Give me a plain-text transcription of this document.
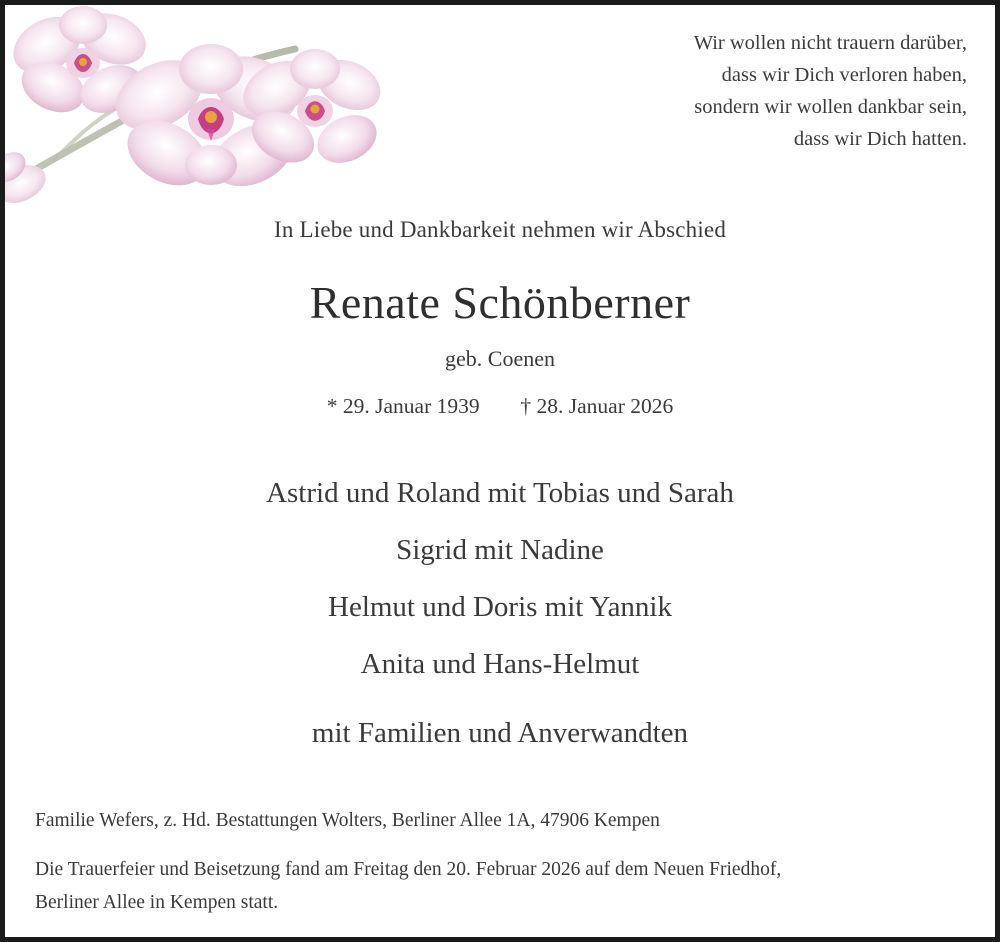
Wir wollen nicht trauern darüber,
dass wir Dich verloren haben,
sondern wir wollen dankbar sein,
dass wir Dich hatten.
In Liebe und Dankbarkeit nehmen wir Abschied
Renate Schönberner
geb. Coenen
* 29. Januar 1939 † 28. Januar 2026
Astrid und Roland mit Tobias und Sarah
Sigrid mit Nadine
Helmut und Doris mit Yannik
Anita und Hans-Helmut
mit Familien und Anverwandten
Familie Wefers, z. Hd. Bestattungen Wolters, Berliner Allee 1A, 47906 Kempen
Die Trauerfeier und Beisetzung fand am Freitag den 20. Februar 2026 auf dem Neuen Friedhof,
Berliner Allee in Kempen statt.
